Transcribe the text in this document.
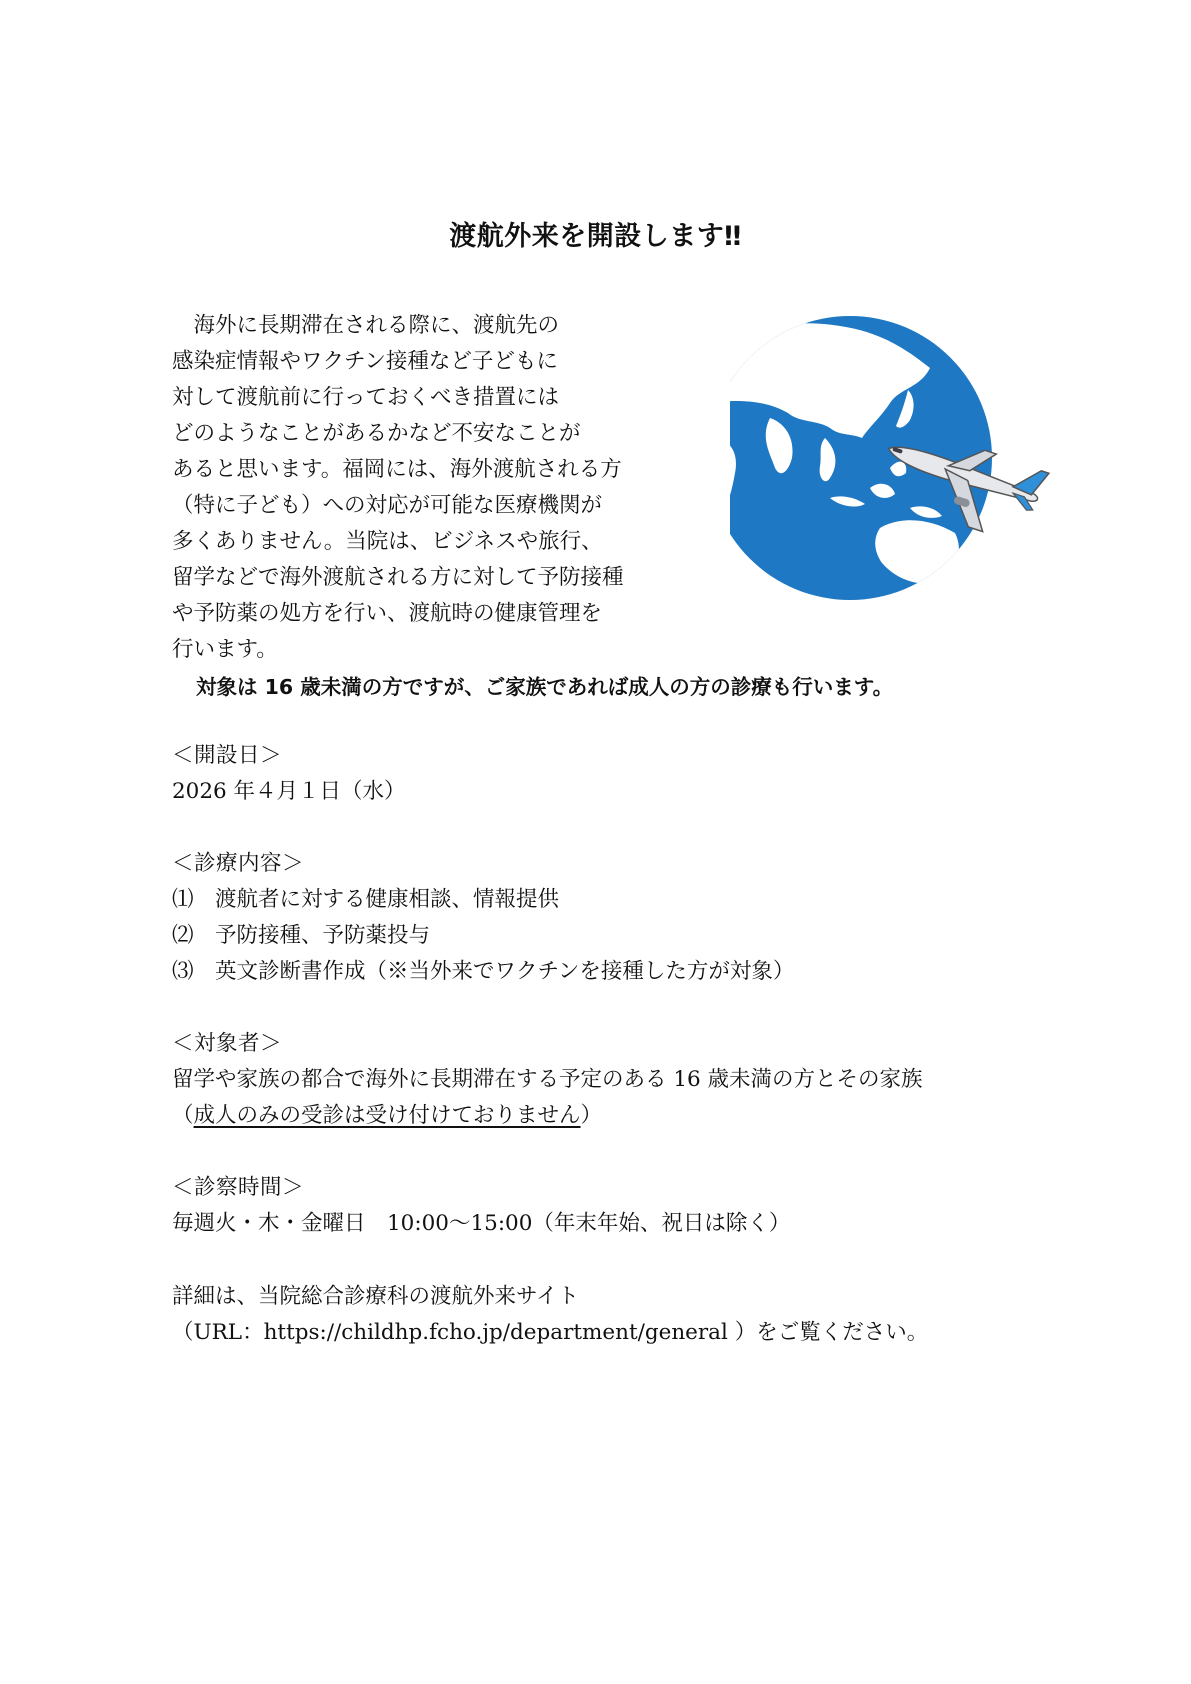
渡航外来を開設します‼
　海外に長期滞在される際に、渡航先の
感染症情報やワクチン接種など子どもに
対して渡航前に行っておくべき措置には
どのようなことがあるかなど不安なことが
あると思います。福岡には、海外渡航される方
（特に子ども）への対応が可能な医療機関が
多くありません。当院は、ビジネスや旅行、
留学などで海外渡航される方に対して予防接種
や予防薬の処方を行い、渡航時の健康管理を
行います。
対象は 16 歳未満の方ですが、ご家族であれば成人の方の診療も行います。
＜開設日＞
2026 年４月１日（水）
＜診療内容＞
⑴　渡航者に対する健康相談、情報提供
⑵　予防接種、予防薬投与
⑶　英文診断書作成（※当外来でワクチンを接種した方が対象）
＜対象者＞
留学や家族の都合で海外に長期滞在する予定のある 16 歳未満の方とその家族
（成人のみの受診は受け付けておりません）
＜診察時間＞
毎週火・木・金曜日　10:00～15:00（年末年始、祝日は除く）
詳細は、当院総合診療科の渡航外来サイト
（URL：https://childhp.fcho.jp/department/general ）をご覧ください。
